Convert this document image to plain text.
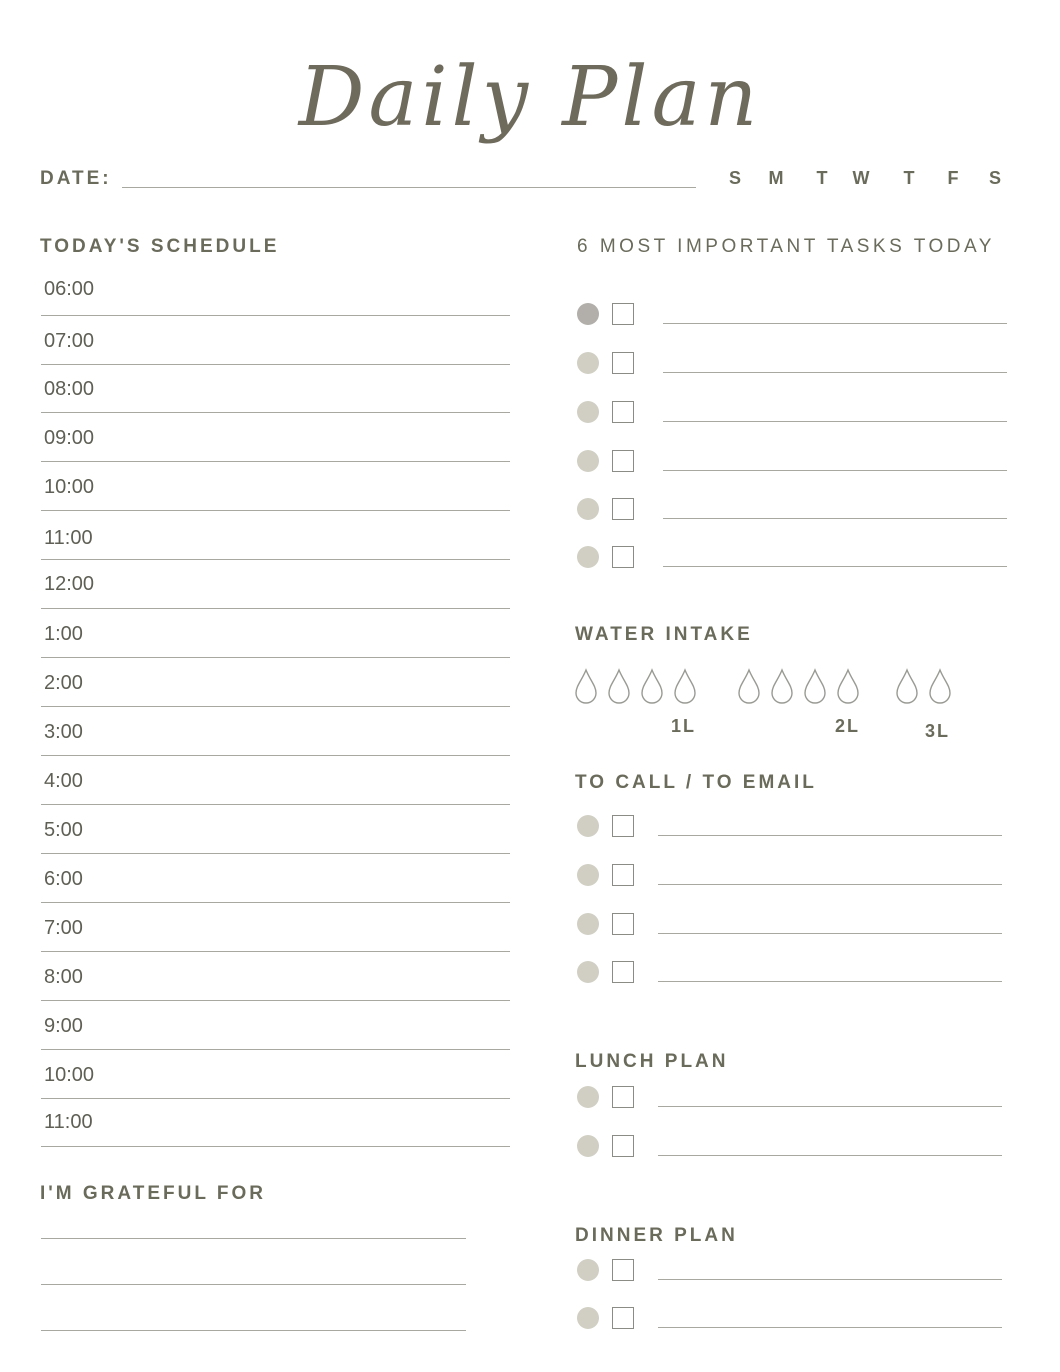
Daily Plan
DATE:	S	M	T	W	T	F	S
TODAY'S SCHEDULE
06:00
07:00
08:00
09:00
10:00
11:00
12:00
1:00
2:00
3:00
4:00
5:00
6:00
7:00
8:00
9:00
10:00
11:00
6 MOST IMPORTANT TASKS TODAY
WATER INTAKE
1L	2L	3L
TO CALL / TO EMAIL
LUNCH PLAN
DINNER PLAN
I'M GRATEFUL FOR
